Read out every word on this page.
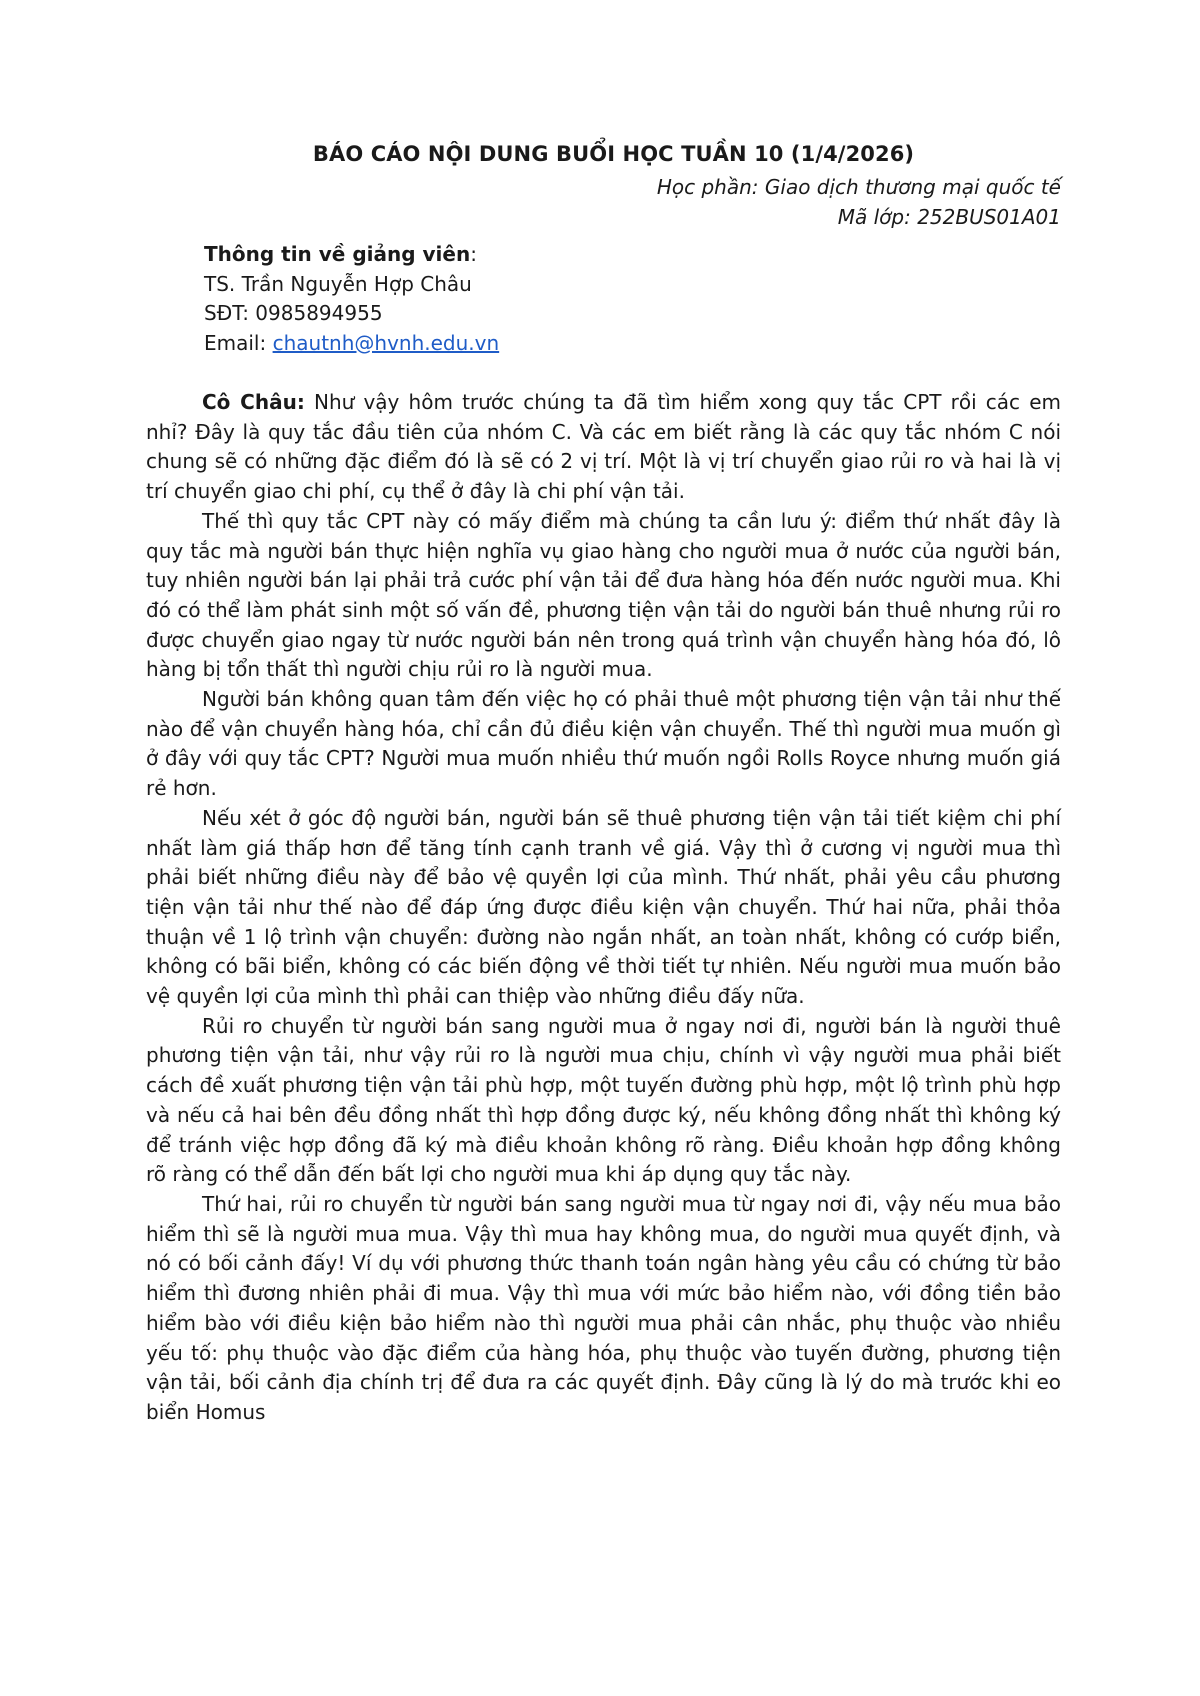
BÁO CÁO NỘI DUNG BUỔI HỌC TUẦN 10 (1/4/2026)

Học phần: Giao dịch thương mại quốc tế

Mã lớp: 252BUS01A01

Thông tin về giảng viên:
TS. Trần Nguyễn Hợp Châu
SĐT: 0985894955
Email: chautnh@hvnh.edu.vn

Cô Châu: Như vậy hôm trước chúng ta đã tìm hiểm xong quy tắc CPT rồi các em nhỉ? Đây là quy tắc đầu tiên của nhóm C. Và các em biết rằng là các quy tắc nhóm C nói chung sẽ có những đặc điểm đó là sẽ có 2 vị trí. Một là vị trí chuyển giao rủi ro và hai là vị trí chuyển giao chi phí, cụ thể ở đây là chi phí vận tải.

Thế thì quy tắc CPT này có mấy điểm mà chúng ta cần lưu ý: điểm thứ nhất đây là quy tắc mà người bán thực hiện nghĩa vụ giao hàng cho người mua ở nước của người bán, tuy nhiên người bán lại phải trả cước phí vận tải để đưa hàng hóa đến nước người mua. Khi đó có thể làm phát sinh một số vấn đề, phương tiện vận tải do người bán thuê nhưng rủi ro được chuyển giao ngay từ nước người bán nên trong quá trình vận chuyển hàng hóa đó, lô hàng bị tổn thất thì người chịu rủi ro là người mua.

Người bán không quan tâm đến việc họ có phải thuê một phương tiện vận tải như thế nào để vận chuyển hàng hóa, chỉ cần đủ điều kiện vận chuyển. Thế thì người mua muốn gì ở đây với quy tắc CPT? Người mua muốn nhiều thứ muốn ngồi Rolls Royce nhưng muốn giá rẻ hơn.

Nếu xét ở góc độ người bán, người bán sẽ thuê phương tiện vận tải tiết kiệm chi phí nhất làm giá thấp hơn để tăng tính cạnh tranh về giá. Vậy thì ở cương vị người mua thì phải biết những điều này để bảo vệ quyền lợi của mình. Thứ nhất, phải yêu cầu phương tiện vận tải như thế nào để đáp ứng được điều kiện vận chuyển. Thứ hai nữa, phải thỏa thuận về 1 lộ trình vận chuyển: đường nào ngắn nhất, an toàn nhất, không có cướp biển, không có bãi biển, không có các biến động về thời tiết tự nhiên. Nếu người mua muốn bảo vệ quyền lợi của mình thì phải can thiệp vào những điều đấy nữa.

Rủi ro chuyển từ người bán sang người mua ở ngay nơi đi, người bán là người thuê phương tiện vận tải, như vậy rủi ro là người mua chịu, chính vì vậy người mua phải biết cách đề xuất phương tiện vận tải phù hợp, một tuyến đường phù hợp, một lộ trình phù hợp và nếu cả hai bên đều đồng nhất thì hợp đồng được ký, nếu không đồng nhất thì không ký để tránh việc hợp đồng đã ký mà điều khoản không rõ ràng. Điều khoản hợp đồng không rõ ràng có thể dẫn đến bất lợi cho người mua khi áp dụng quy tắc này.

Thứ hai, rủi ro chuyển từ người bán sang người mua từ ngay nơi đi, vậy nếu mua bảo hiểm thì sẽ là người mua mua. Vậy thì mua hay không mua, do người mua quyết định, và nó có bối cảnh đấy! Ví dụ với phương thức thanh toán ngân hàng yêu cầu có chứng từ bảo hiểm thì đương nhiên phải đi mua. Vậy thì mua với mức bảo hiểm nào, với đồng tiền bảo hiểm bào với điều kiện bảo hiểm nào thì người mua phải cân nhắc, phụ thuộc vào nhiều yếu tố: phụ thuộc vào đặc điểm của hàng hóa, phụ thuộc vào tuyến đường, phương tiện vận tải, bối cảnh địa chính trị để đưa ra các quyết định. Đây cũng là lý do mà trước khi eo biển Homus
